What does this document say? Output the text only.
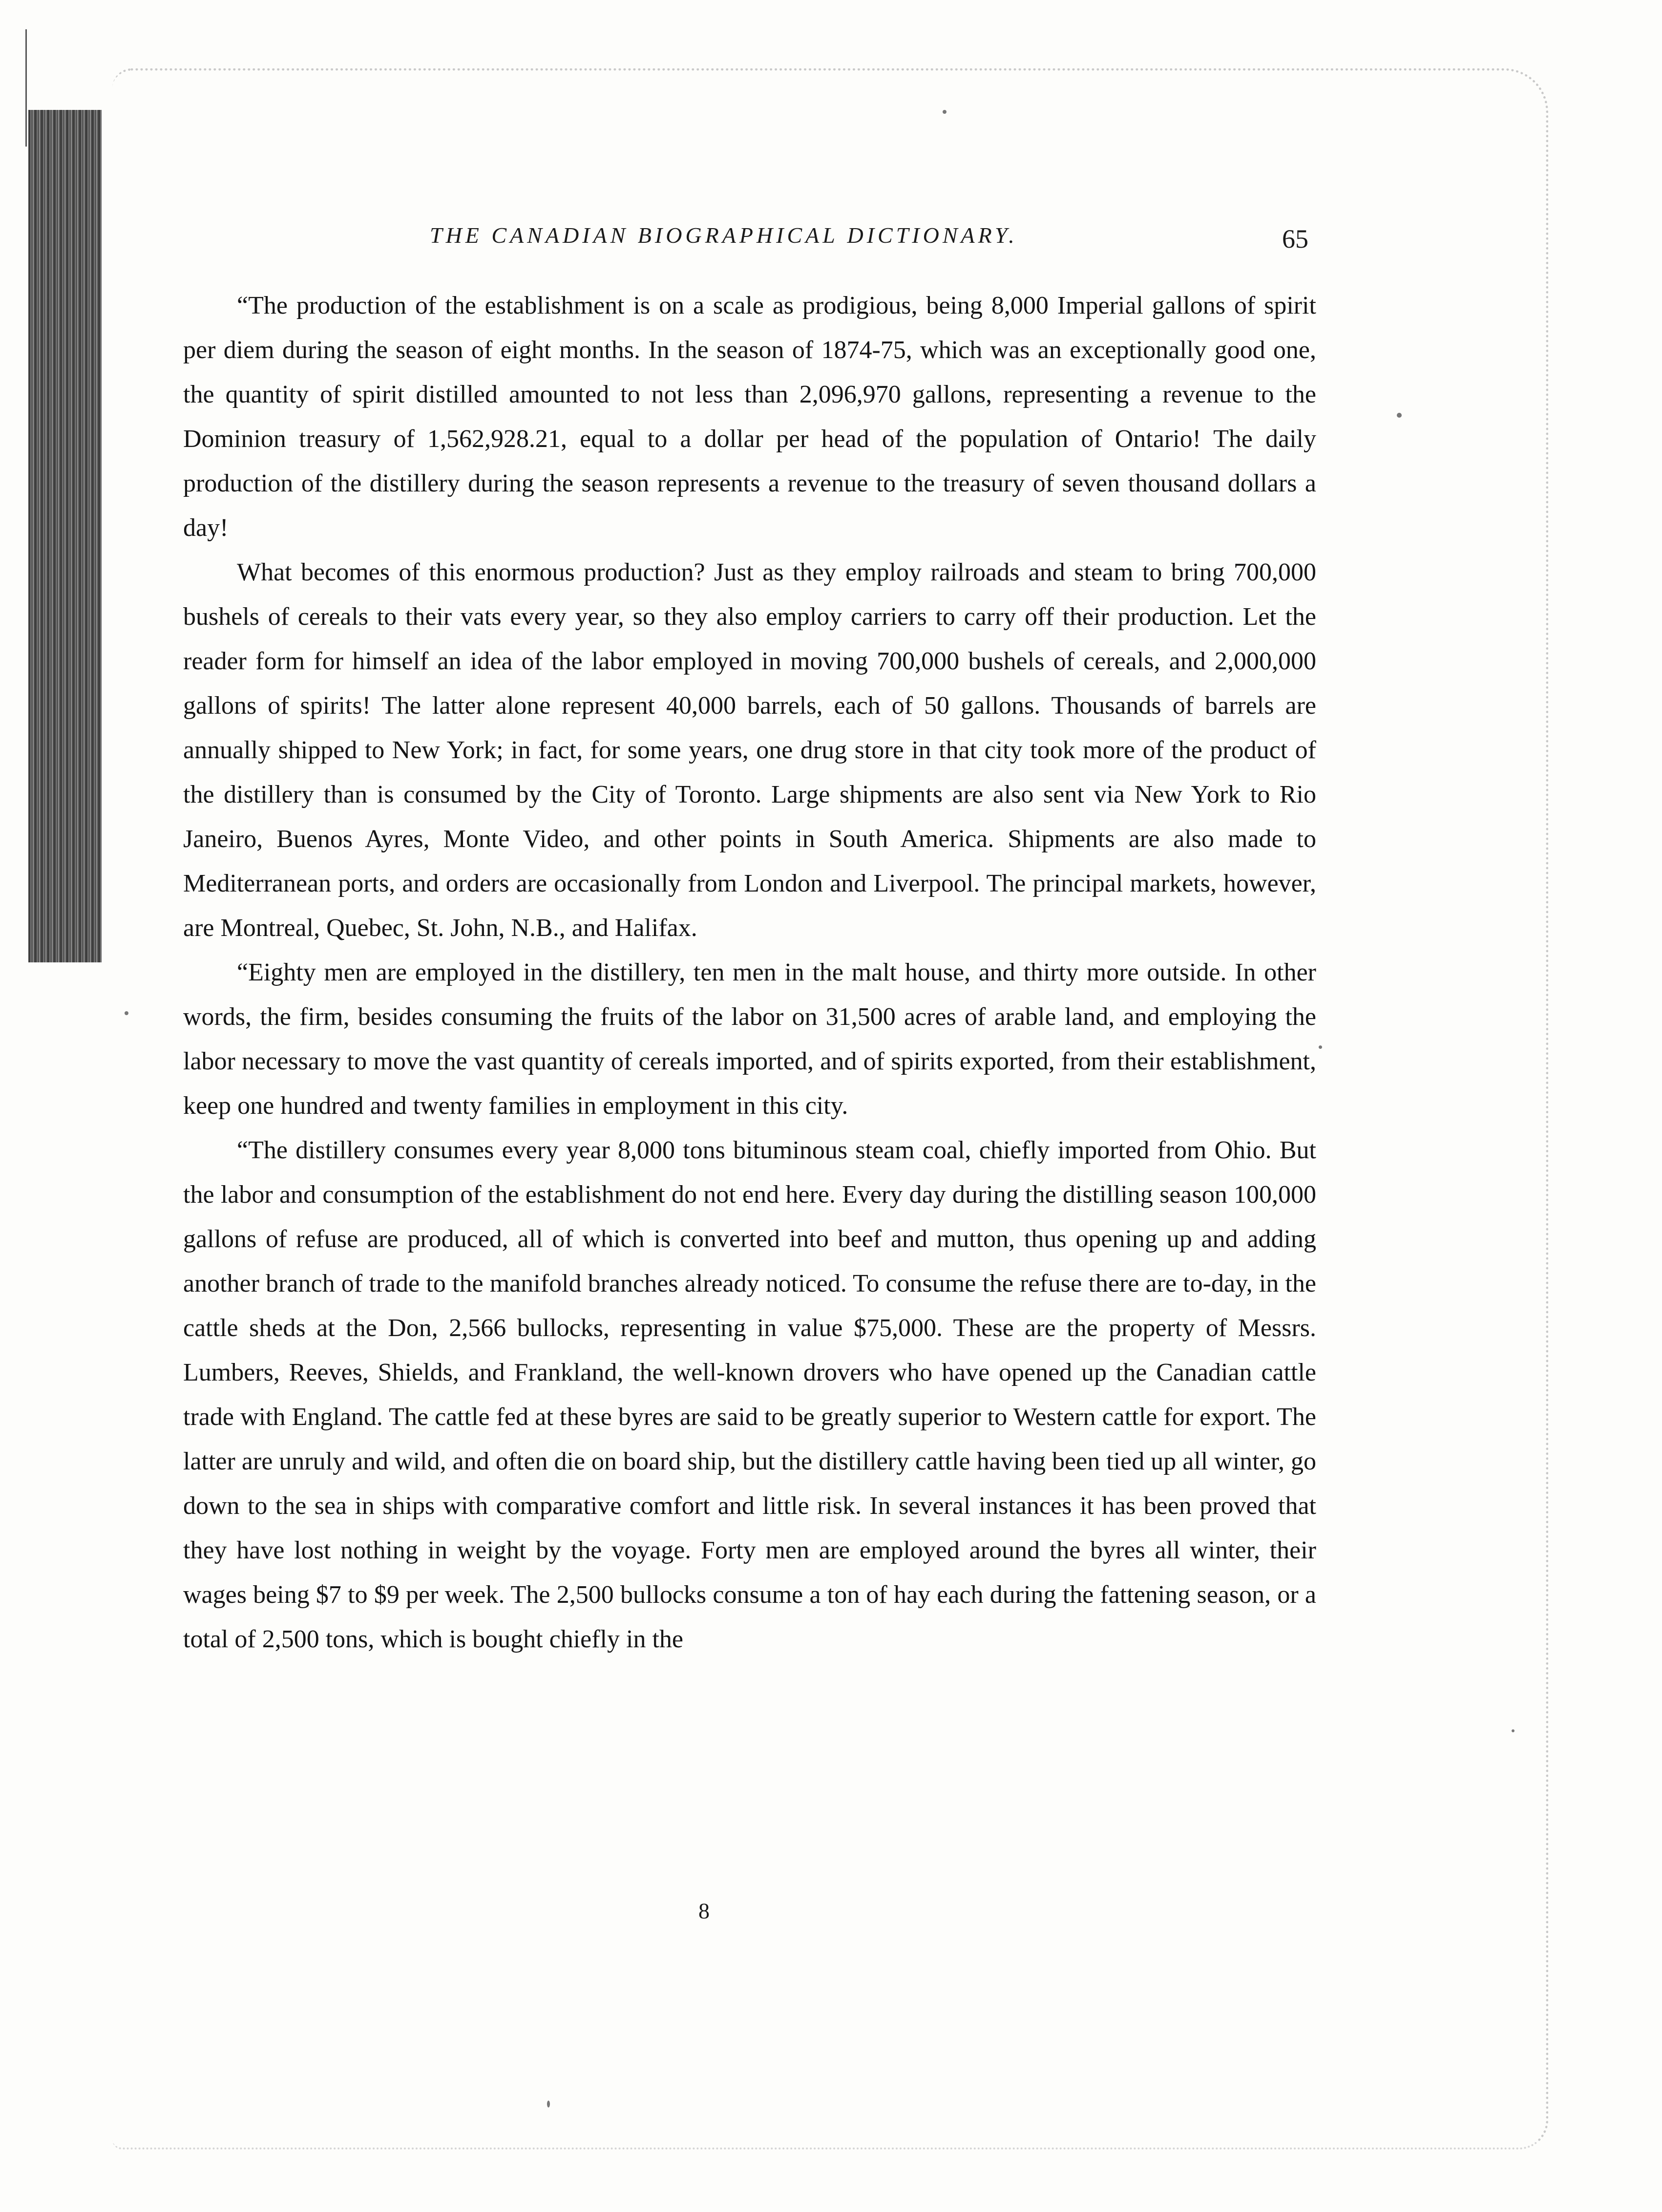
THE CANADIAN BIOGRAPHICAL DICTIONARY.	65

“The production of the establishment is on a scale as prodigious, being 8,000 Imperial gallons of spirit per diem during the season of eight months. In the season of 1874-75, which was an exceptionally good one, the quantity of spirit distilled amounted to not less than 2,096,970 gallons, representing a revenue to the Dominion treasury of 1,562,928.21, equal to a dollar per head of the population of Ontario! The daily production of the distillery during the season represents a revenue to the treasury of seven thousand dollars a day!

What becomes of this enormous production? Just as they employ railroads and steam to bring 700,000 bushels of cereals to their vats every year, so they also employ carriers to carry off their production. Let the reader form for himself an idea of the labor employed in moving 700,000 bushels of cereals, and 2,000,000 gallons of spirits! The latter alone represent 40,000 barrels, each of 50 gallons. Thousands of barrels are annually shipped to New York; in fact, for some years, one drug store in that city took more of the product of the distillery than is consumed by the City of Toronto. Large shipments are also sent via New York to Rio Janeiro, Buenos Ayres, Monte Video, and other points in South America. Shipments are also made to Mediterranean ports, and orders are occasionally from London and Liverpool. The principal markets, however, are Montreal, Quebec, St. John, N.B., and Halifax.

“Eighty men are employed in the distillery, ten men in the malt house, and thirty more outside. In other words, the firm, besides consuming the fruits of the labor on 31,500 acres of arable land, and employing the labor necessary to move the vast quantity of cereals imported, and of spirits exported, from their establishment, keep one hundred and twenty families in employment in this city.

“The distillery consumes every year 8,000 tons bituminous steam coal, chiefly imported from Ohio. But the labor and consumption of the establishment do not end here. Every day during the distilling season 100,000 gallons of refuse are produced, all of which is converted into beef and mutton, thus opening up and adding another branch of trade to the manifold branches already noticed. To consume the refuse there are to-day, in the cattle sheds at the Don, 2,566 bullocks, representing in value $75,000. These are the property of Messrs. Lumbers, Reeves, Shields, and Frankland, the well-known drovers who have opened up the Canadian cattle trade with England. The cattle fed at these byres are said to be greatly superior to Western cattle for export. The latter are unruly and wild, and often die on board ship, but the distillery cattle having been tied up all winter, go down to the sea in ships with comparative comfort and little risk. In several instances it has been proved that they have lost nothing in weight by the voyage. Forty men are employed around the byres all winter, their wages being $7 to $9 per week. The 2,500 bullocks consume a ton of hay each during the fattening season, or a total of 2,500 tons, which is bought chiefly in the

8
